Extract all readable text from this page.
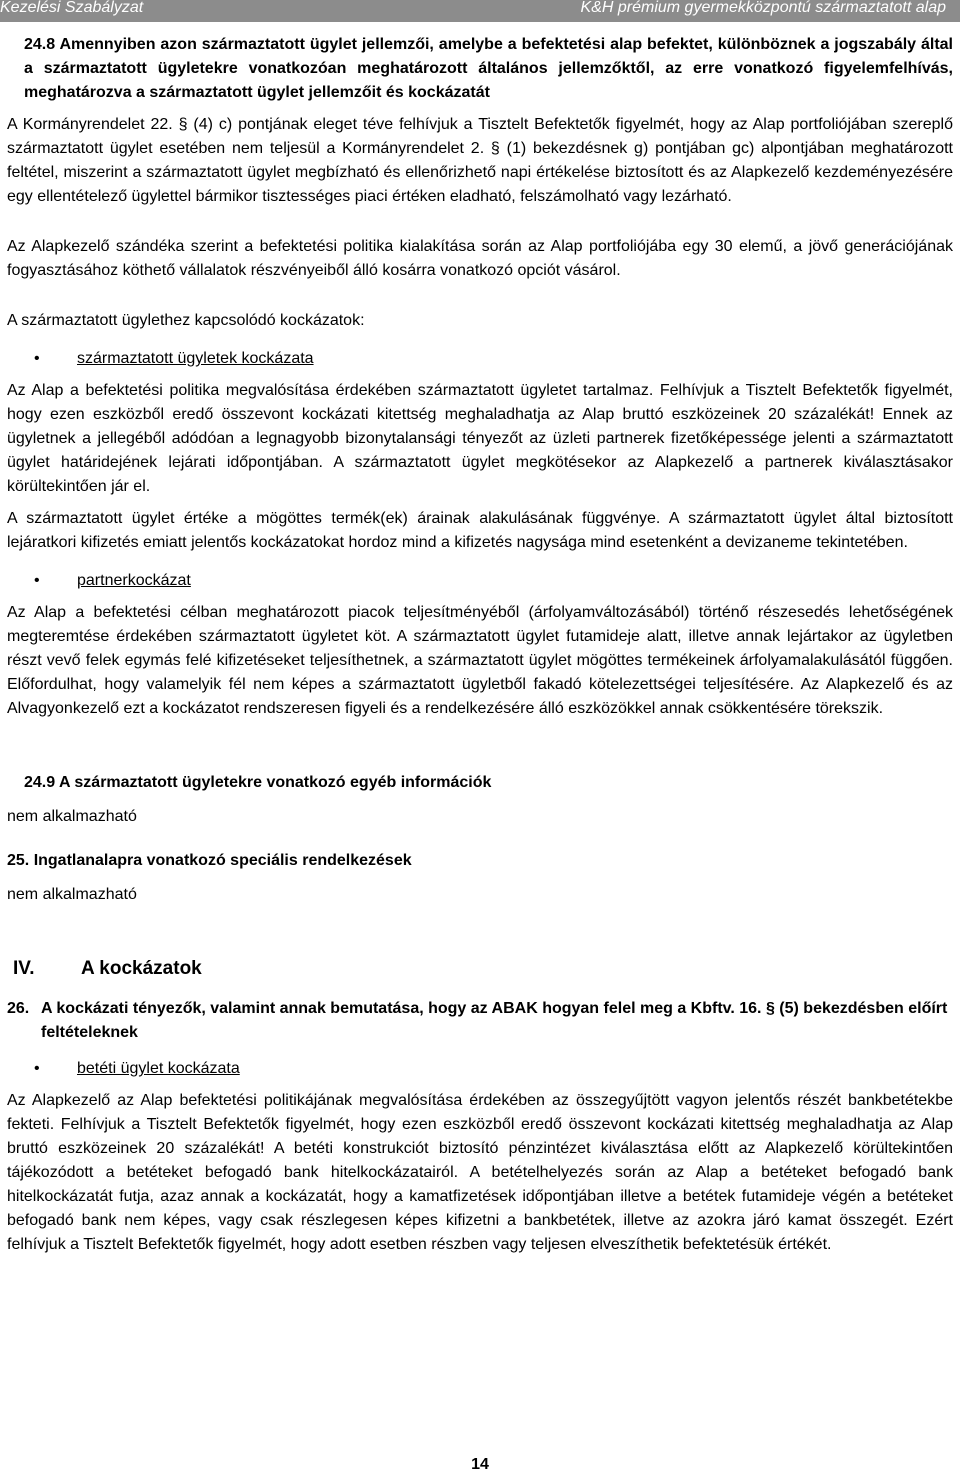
Kezelési Szabályzat	K&H prémium gyermekközpontú származtatott alap

24.8 Amennyiben azon származtatott ügylet jellemzői, amelybe a befektetési alap befektet, különböznek a jogszabály által a származtatott ügyletekre vonatkozóan meghatározott általános jellemzőktől, az erre vonatkozó figyelemfelhívás, meghatározva a származtatott ügylet jellemzőit és kockázatát

A Kormányrendelet 22. § (4) c) pontjának eleget téve felhívjuk a Tisztelt Befektetők figyelmét, hogy az Alap portfoliójában szereplő származtatott ügylet esetében nem teljesül a Kormányrendelet 2. § (1) bekezdésnek g) pontjában gc) alpontjában meghatározott feltétel, miszerint a származtatott ügylet megbízható és ellenőrizhető napi értékelése biztosított és az Alapkezelő kezdeményezésére egy ellentételező ügylettel bármikor tisztességes piaci értéken eladható, felszámolható vagy lezárható.

Az Alapkezelő szándéka szerint a befektetési politika kialakítása során az Alap portfoliójába egy 30 elemű, a jövő generációjának fogyasztásához köthető vállalatok részvényeiből álló kosárra vonatkozó opciót vásárol.

A származtatott ügylethez kapcsolódó kockázatok:

• származtatott ügyletek kockázata

Az Alap a befektetési politika megvalósítása érdekében származtatott ügyletet tartalmaz. Felhívjuk a Tisztelt Befektetők figyelmét, hogy ezen eszközből eredő összevont kockázati kitettség meghaladhatja az Alap bruttó eszközeinek 20 százalékát! Ennek az ügyletnek a jellegéből adódóan a legnagyobb bizonytalansági tényezőt az üzleti partnerek fizetőképessége jelenti a származtatott ügylet határidejének lejárati időpontjában. A származtatott ügylet megkötésekor az Alapkezelő a partnerek kiválasztásakor körültekintően jár el.

A származtatott ügylet értéke a mögöttes termék(ek) árainak alakulásának függvénye. A származtatott ügylet által biztosított lejáratkori kifizetés emiatt jelentős kockázatokat hordoz mind a kifizetés nagysága mind esetenként a devizaneme tekintetében.

• partnerkockázat

Az Alap a befektetési célban meghatározott piacok teljesítményéből (árfolyamváltozásából) történő részesedés lehetőségének megteremtése érdekében származtatott ügyletet köt. A származtatott ügylet futamideje alatt, illetve annak lejártakor az ügyletben részt vevő felek egymás felé kifizetéseket teljesíthetnek, a származtatott ügylet mögöttes termékeinek árfolyamalakulásától függően. Előfordulhat, hogy valamelyik fél nem képes a származtatott ügyletből fakadó kötelezettségei teljesítésére. Az Alapkezelő és az Alvagyonkezelő ezt a kockázatot rendszeresen figyeli és a rendelkezésére álló eszközökkel annak csökkentésére törekszik.

24.9 A származtatott ügyletekre vonatkozó egyéb információk

nem alkalmazható

25. Ingatlanalapra vonatkozó speciális rendelkezések

nem alkalmazható

IV. A kockázatok
26. A kockázati tényezők, valamint annak bemutatása, hogy az ABAK hogyan felel meg a Kbftv. 16. § (5) bekezdésben előírt feltételeknek
• betéti ügylet kockázata

Az Alapkezelő az Alap befektetési politikájának megvalósítása érdekében az összegyűjtött vagyon jelentős részét bankbetétekbe fekteti. Felhívjuk a Tisztelt Befektetők figyelmét, hogy ezen eszközből eredő összevont kockázati kitettség meghaladhatja az Alap bruttó eszközeinek 20 százalékát! A betéti konstrukciót biztosító pénzintézet kiválasztása előtt az Alapkezelő körültekintően tájékozódott a betéteket befogadó bank hitelkockázatairól. A betételhelyezés során az Alap a betéteket befogadó bank hitelkockázatát futja, azaz annak a kockázatát, hogy a kamatfizetések időpontjában illetve a betétek futamideje végén a betéteket befogadó bank nem képes, vagy csak részlegesen képes kifizetni a bankbetétek, illetve az azokra járó kamat összegét. Ezért felhívjuk a Tisztelt Befektetők figyelmét, hogy adott esetben részben vagy teljesen elveszíthetik befektetésük értékét.

14
